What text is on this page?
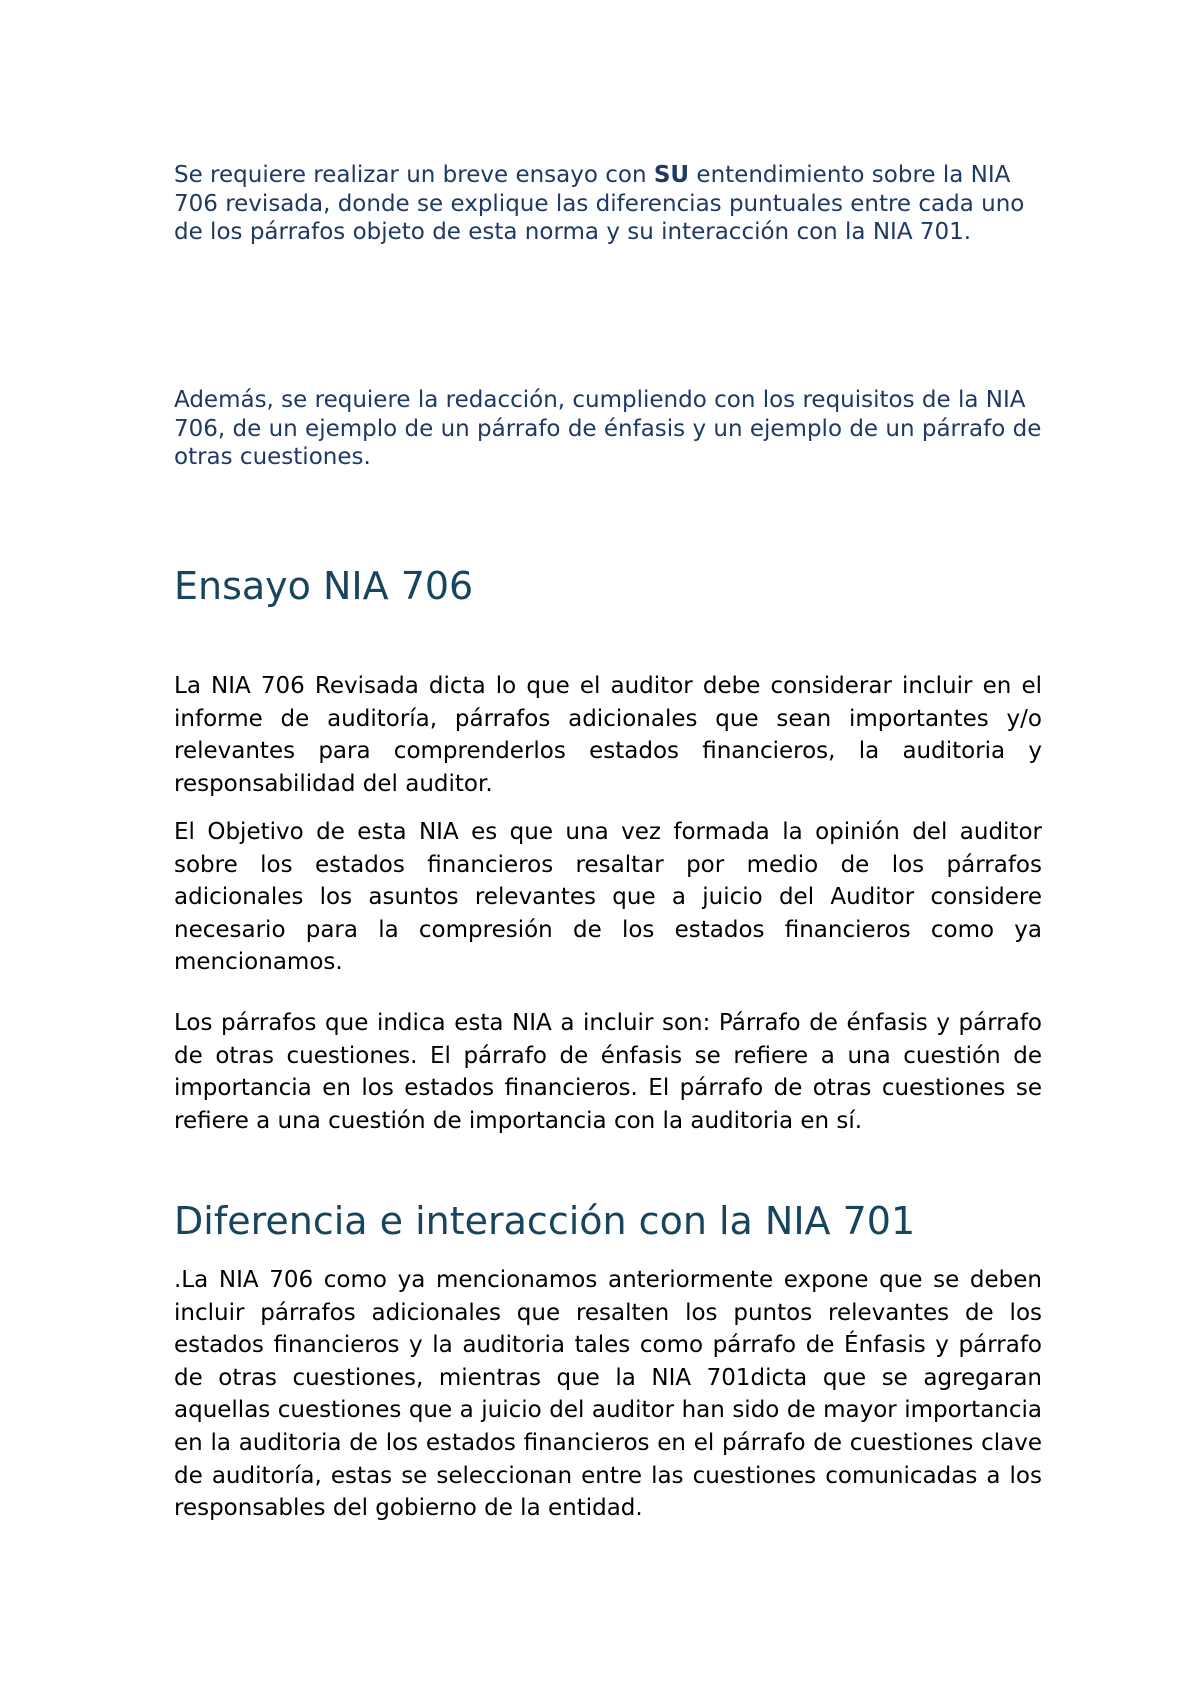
Se requiere realizar un breve ensayo con SU entendimiento sobre la NIA 706 revisada, donde se explique las diferencias puntuales entre cada uno de los párrafos objeto de esta norma y su interacción con la NIA 701.

Además, se requiere la redacción, cumpliendo con los requisitos de la NIA 706, de un ejemplo de un párrafo de énfasis y un ejemplo de un párrafo de otras cuestiones.

Ensayo NIA 706

La NIA 706 Revisada dicta lo que el auditor debe considerar incluir en el informe de auditoría, párrafos adicionales que sean importantes y/o relevantes para comprenderlos estados financieros, la auditoria y responsabilidad del auditor.

El Objetivo de esta NIA es que una vez formada la opinión del auditor sobre los estados financieros resaltar por medio de los párrafos adicionales los asuntos relevantes que a juicio del Auditor considere necesario para la compresión de los estados financieros como ya mencionamos.

Los párrafos que indica esta NIA a incluir son: Párrafo de énfasis y párrafo de otras cuestiones. El párrafo de énfasis se refiere a una cuestión de importancia en los estados financieros. El párrafo de otras cuestiones se refiere a una cuestión de importancia con la auditoria en sí.

Diferencia e interacción con la NIA 701

.La NIA 706 como ya mencionamos anteriormente expone que se deben incluir párrafos adicionales que resalten los puntos relevantes de los estados financieros y la auditoria tales como párrafo de Énfasis y párrafo de otras cuestiones, mientras que la NIA 701dicta que se agregaran aquellas cuestiones que a juicio del auditor han sido de mayor importancia en la auditoria de los estados financieros en el párrafo de cuestiones clave de auditoría, estas se seleccionan entre las cuestiones comunicadas a los responsables del gobierno de la entidad.
